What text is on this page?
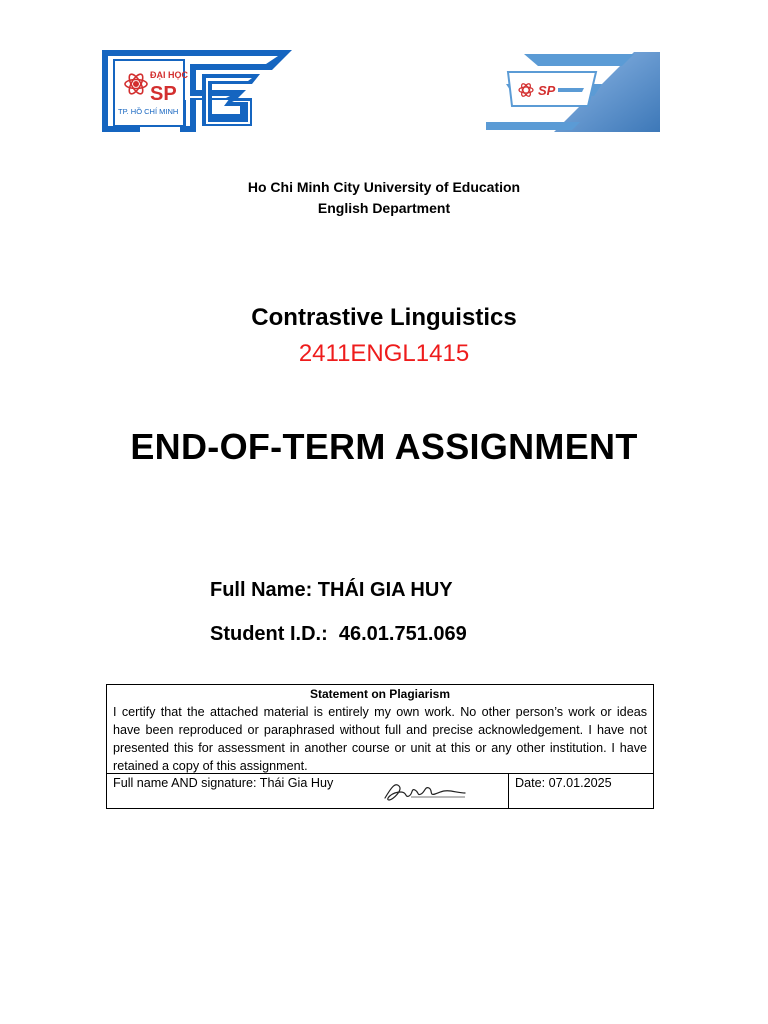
ĐẠI HỌC
SP
TP. HỒ CHÍ MINH
SP
Ho Chi Minh City University of Education
English Department
Contrastive Linguistics
2411ENGL1415
END-OF-TERM ASSIGNMENT
Full Name: THÁI GIA HUY
Student I.D.:  46.01.751.069
Statement on Plagiarism
I certify that the attached material is entirely my own work. No other person’s work or ideas have been reproduced or paraphrased without full and precise acknowledgement. I have not presented this for assessment in another course or unit at this or any other institution. I have retained a copy of this assignment.
Full name AND signature: Thái Gia Huy	Date: 07.01.2025
